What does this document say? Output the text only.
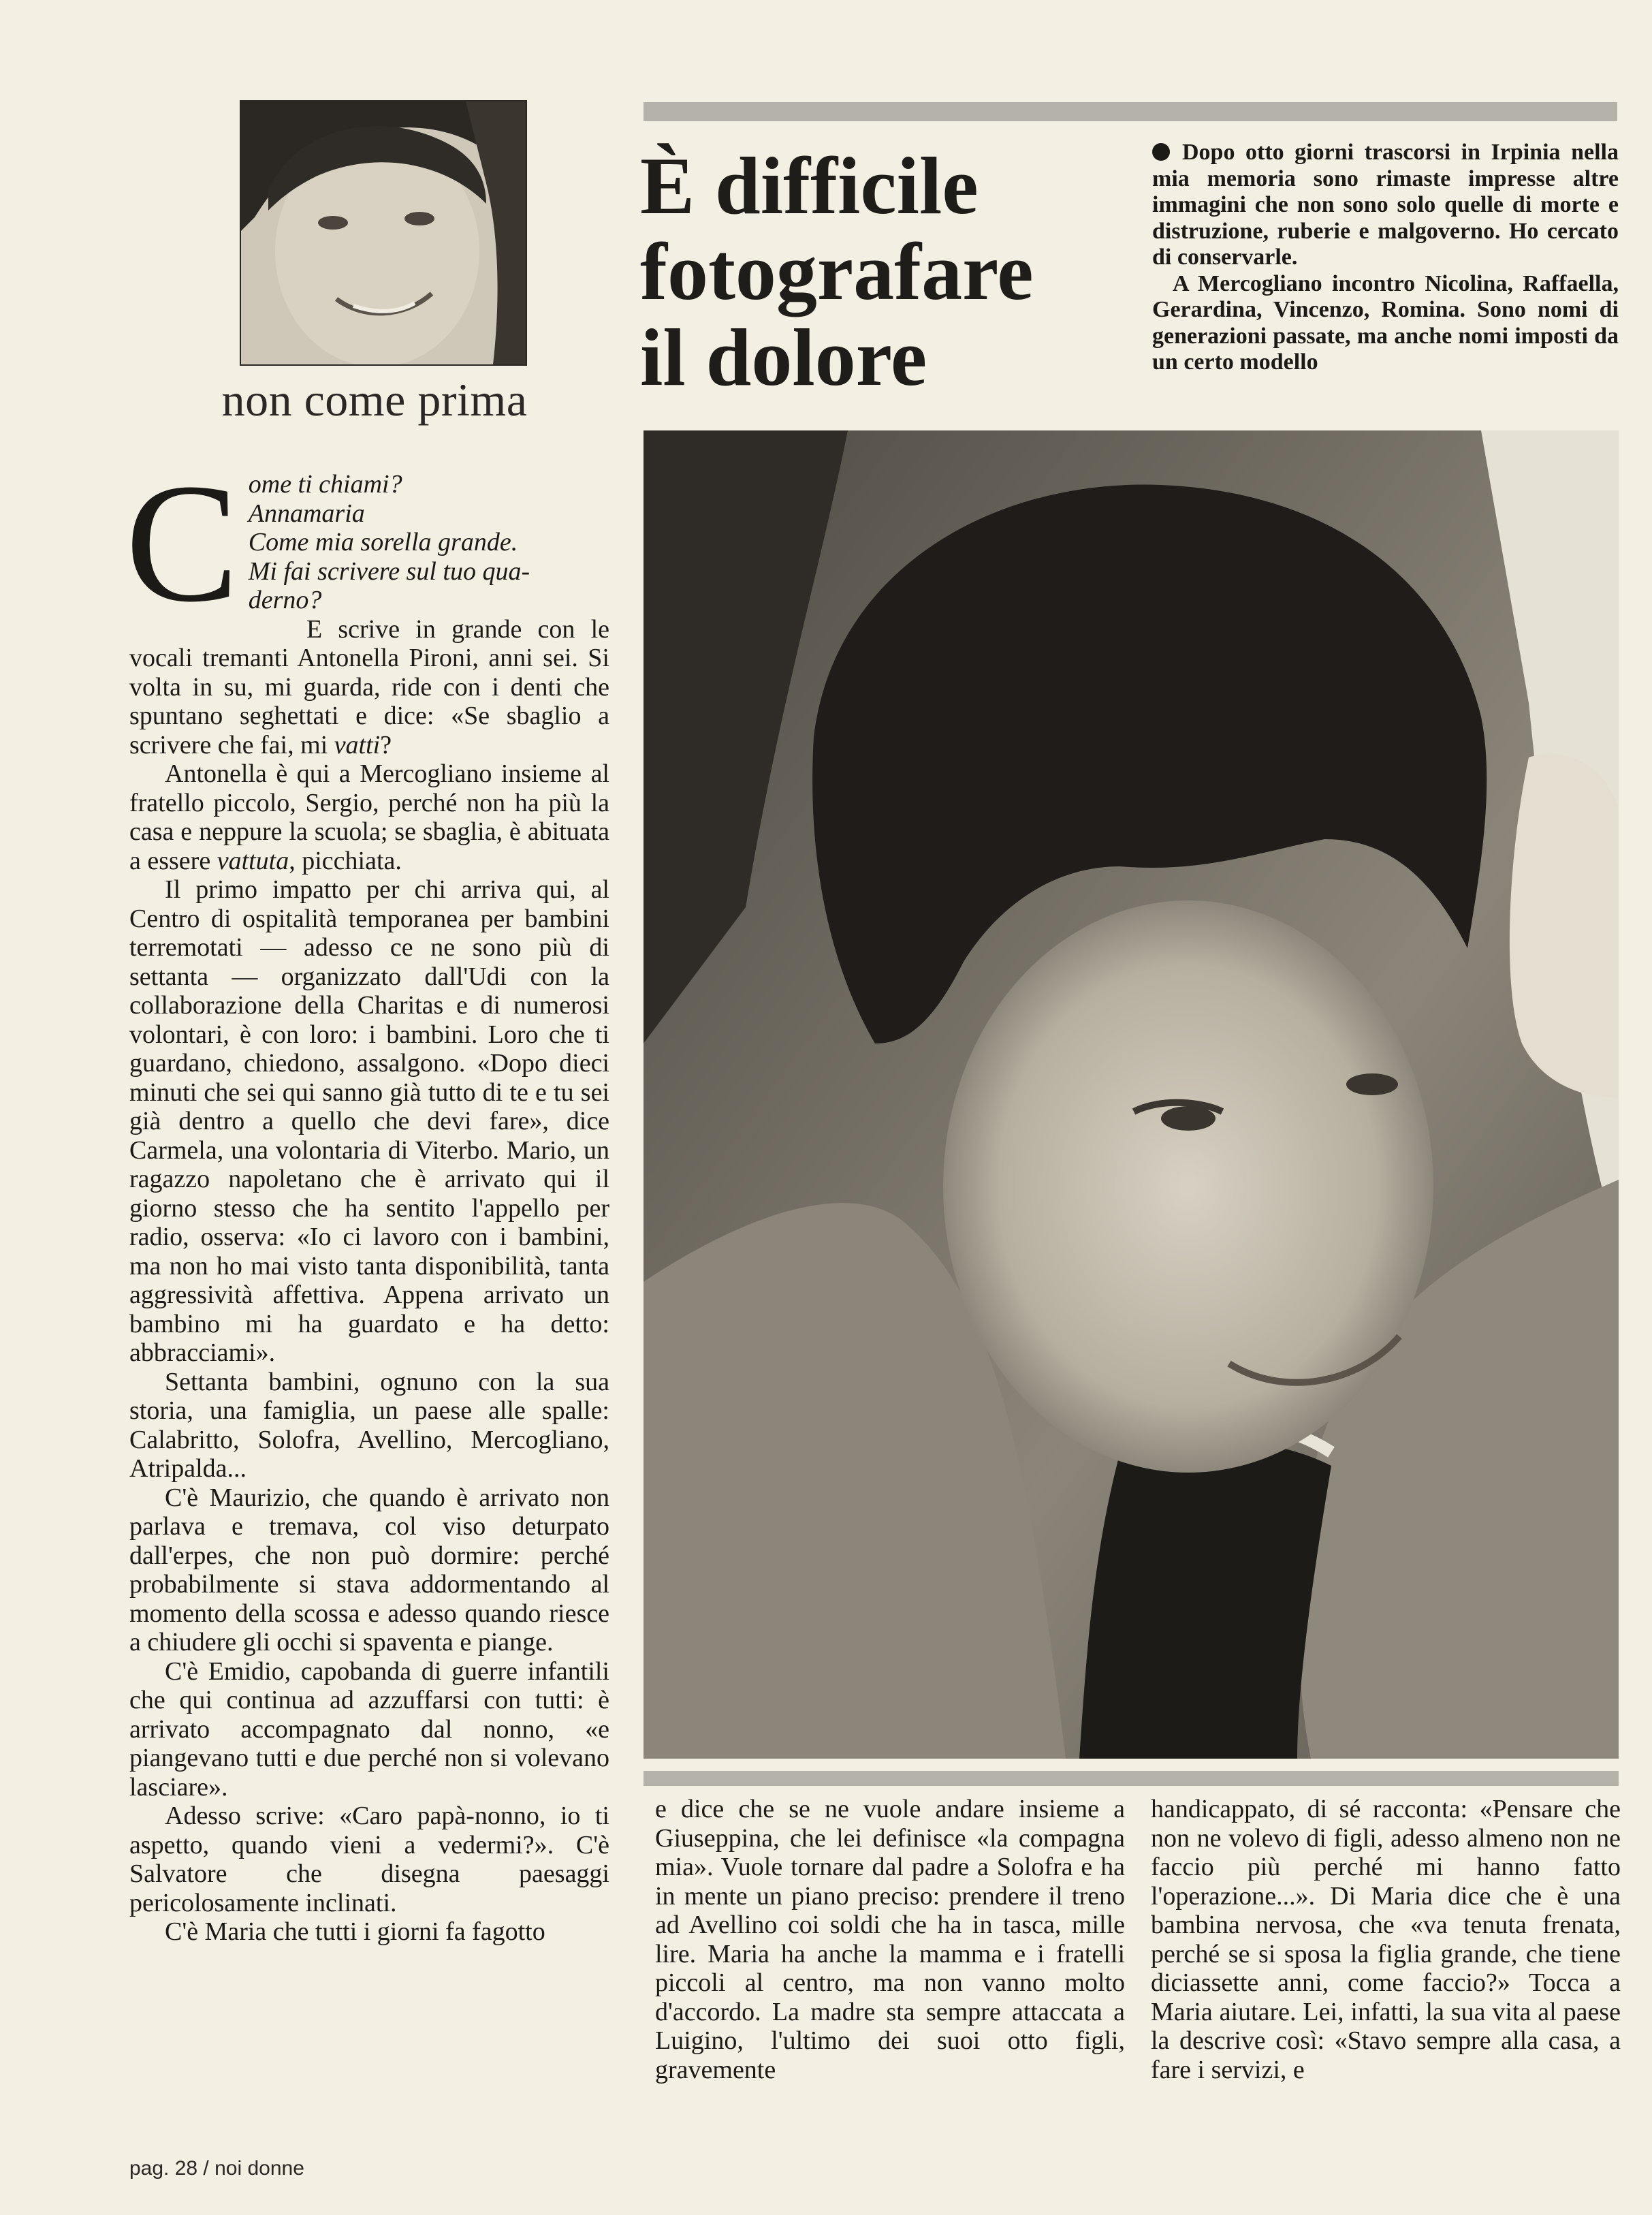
non come prima
È difficile
fotografare
il dolore

Dopo otto giorni trascorsi in Irpinia nella mia memoria sono rimaste impresse altre immagini che non sono solo quelle di morte e distruzione, ruberie e malgoverno. Ho cercato di conservarle.

A Mercogliano incontro Nicolina, Raffaella, Gerardina, Vincenzo, Romina. Sono nomi di generazioni passate, ma anche nomi imposti da un certo modello

C ome ti chiami?

Annamaria

Come mia sorella grande.

Mi fai scrivere sul tuo qua-

derno?

E scrive in grande con le vocali tremanti Antonella Pironi, anni sei. Si volta in su, mi guarda, ride con i denti che spuntano seghettati e dice: «Se sbaglio a scrivere che fai, mi vatti?

Antonella è qui a Mercogliano insieme al fratello piccolo, Sergio, perché non ha più la casa e neppure la scuola; se sbaglia, è abituata a essere vattuta, picchiata.

Il primo impatto per chi arriva qui, al Centro di ospitalità temporanea per bambini terremotati — adesso ce ne sono più di settanta — organizzato dall'Udi con la collaborazione della Charitas e di numerosi volontari, è con loro: i bambini. Loro che ti guardano, chiedono, assalgono. «Dopo dieci minuti che sei qui sanno già tutto di te e tu sei già dentro a quello che devi fare», dice Carmela, una volontaria di Viterbo. Mario, un ragazzo napoletano che è arrivato qui il giorno stesso che ha sentito l'appello per radio, osserva: «Io ci lavoro con i bambini, ma non ho mai visto tanta disponibilità, tanta aggressività affettiva. Appena arrivato un bambino mi ha guardato e ha detto: abbracciami».

Settanta bambini, ognuno con la sua storia, una famiglia, un paese alle spalle: Calabritto, Solofra, Avellino, Mercogliano, Atripalda...

C'è Maurizio, che quando è arrivato non parlava e tremava, col viso deturpato dall'erpes, che non può dormire: perché probabilmente si stava addormentando al momento della scossa e adesso quando riesce a chiudere gli occhi si spaventa e piange.

C'è Emidio, capobanda di guerre infantili che qui continua ad azzuffarsi con tutti: è arrivato accompagnato dal nonno, «e piangevano tutti e due perché non si volevano lasciare».

Adesso scrive: «Caro papà-nonno, io ti aspetto, quando vieni a vedermi?». C'è Salvatore che disegna paesaggi pericolosamente inclinati.

C'è Maria che tutti i giorni fa fagotto

e dice che se ne vuole andare insieme a Giuseppina, che lei definisce «la compagna mia». Vuole tornare dal padre a Solofra e ha in mente un piano preciso: prendere il treno ad Avellino coi soldi che ha in tasca, mille lire. Maria ha anche la mamma e i fratelli piccoli al centro, ma non vanno molto d'accordo. La madre sta sempre attaccata a Luigino, l'ultimo dei suoi otto figli, gravemente

handicappato, di sé racconta: «Pensare che non ne volevo di figli, adesso almeno non ne faccio più perché mi hanno fatto l'operazione...». Di Maria dice che è una bambina nervosa, che «va tenuta frenata, perché se si sposa la figlia grande, che tiene diciassette anni, come faccio?» Tocca a Maria aiutare. Lei, infatti, la sua vita al paese la descrive così: «Stavo sempre alla casa, a fare i servizi, e

pag. 28 / noi donne
